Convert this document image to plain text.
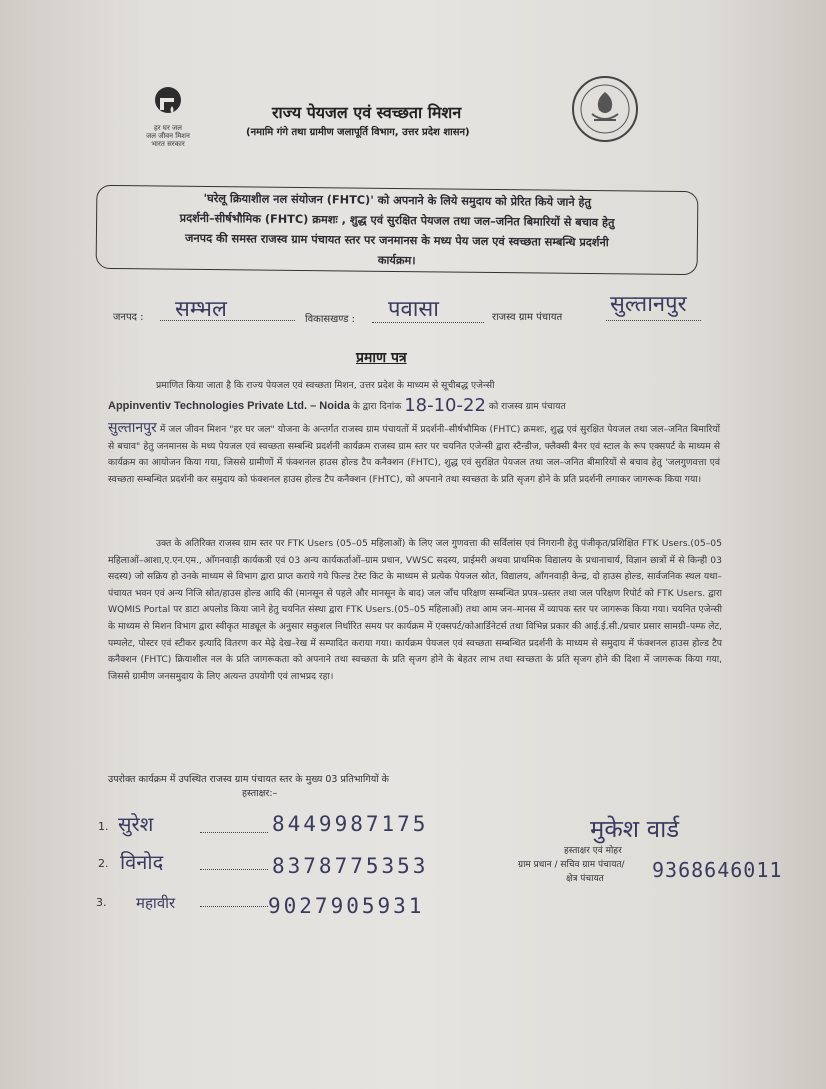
हर घर जल
जल जीवन मिशन
भारत सरकार
राज्य पेयजल एवं स्वच्छता मिशन
(नमामि गंगे तथा ग्रामीण जलापूर्ति विभाग, उत्तर प्रदेश शासन)

'घरेलू क्रियाशील नल संयोजन (FHTC)' को अपनाने के लिये समुदाय को प्रेरित किये जाने हेतु

प्रदर्शनी–सीर्षभौमिक (FHTC) क्रमशः , शुद्ध एवं सुरक्षित पेयजल तथा जल–जनित बिमारियों से बचाव हेतु

जनपद की समस्त राजस्व ग्राम पंचायत स्तर पर जनमानस के मध्य पेय जल एवं स्वच्छता सम्बन्धि प्रदर्शनी

कार्यक्रम।

जनपद : सम्भल	विकासखण्ड : पवासा	राजस्व ग्राम पंचायत
सुल्तानपुर
प्रमाण पत्र
प्रमाणित किया जाता है कि राज्य पेयजल एवं स्वच्छता मिशन, उत्तर प्रदेश के माध्यम से सूचीबद्ध एजेन्सी
Appinventiv Technologies Private Ltd. – Noida के द्वारा दिनांक 18-10-22 को राजस्व ग्राम पंचायत
सुल्तानपुर में जल जीवन मिशन "हर घर जल" योजना के अन्तर्गत राजस्व ग्राम पंचायतों में प्रदर्शनी–सीर्षभौमिक (FHTC) क्रमशः, शुद्ध एवं सुरक्षित पेयजल तथा जल–जनित बिमारियों से बचाव" हेतु जनमानस के मध्य पेयजल एवं स्वच्छता सम्बन्धि प्रदर्शनी कार्यक्रम राजस्व ग्राम स्तर पर चयनित एजेन्सी द्वारा स्टैन्डीज, फ्लैक्सी बैनर एवं स्टाल के रूप एक्सपर्ट के माध्यम से कार्यक्रम का आयोजन किया गया, जिससे ग्रामीणों में फंक्शनल हाउस होल्ड टैप कनैक्शन (FHTC), शुद्ध एवं सुरक्षित पेयजल तथा जल–जनित बीमारियों से बचाव हेतु 'जलगुणवत्ता एवं स्वच्छता सम्बन्धित प्रदर्शनी कर समुदाय को फंक्शनल हाउस होल्ड टैप कनैक्शन (FHTC), को अपनाने तथा स्वच्छता के प्रति सृजग होने के प्रति प्रदर्शनी लगाकर जागरूक किया गया।
उक्त के अतिरिक्त राजस्व ग्राम स्तर पर FTK Users (05–05 महिलाओं) के लिए जल गुणवत्ता की सर्विलांस एवं निगरानी हेतु पंजीकृत/प्रशिक्षित FTK Users.(05–05 महिलाओं–आशा,ए.एन.एम., आँगनवाड़ी कार्यकत्री एवं 03 अन्य कार्यकर्ताओं–ग्राम प्रधान, VWSC सदस्य, प्राईमरी अथवा प्राथमिक विद्यालय के प्रधानाचार्य, विज्ञान छात्रों में से किन्ही 03 सदस्य) जो सक्रिय हो उनके माध्यम से विभाग द्वारा प्राप्त कराये गये फिल्ड टेस्ट किट के माध्यम से प्रत्येक पेयजल स्रोत, विद्यालय, आँगनवाड़ी केन्द्र, दो हाउस होल्ड, सार्वजनिक स्थल यथा–पंचायत भवन एवं अन्य निजि स्रोत/हाउस होल्ड आदि की (मानसून से पहले और मानसून के बाद) जल जाँच परिक्षण सम्बन्धित प्रपत्र–प्रस्तर तथा जल परिक्षण रिपोर्ट को FTK Users. द्वारा WQMIS Portal पर डाटा अपलोड किया जाने हेतु चयनित संस्था द्वारा FTK Users.(05–05 महिलाओं) तथा आम जन–मानस में व्यापक स्तर पर जागरूक किया गया। चयनित एजेन्सी के माध्यम से मिशन विभाग द्वारा स्वीकृत माड्यूल के अनुसार सकुशल निर्धारित समय पर कार्यक्रम में एक्सपर्ट/कोआर्डिनेटर्स तथा विभिन्न प्रकार की आई.ई.सी./प्रचार प्रसार सामग्री–पम्फ लेट, पम्पलेट, पोस्टर एवं स्टीकर इत्यादि वितरण कर मेढ़े देख–रेख में सम्पादित कराया गया। कार्यक्रम पेयजल एवं स्वच्छता सम्बन्धित प्रदर्शनी के माध्यम से समुदाय में फंक्शनल हाउस होल्ड टैप कनैक्शन (FHTC) क्रियाशील नल के प्रति जागरूकता को अपनाने तथा स्वच्छता के प्रति सृजग होने के बेहतर लाभ तथा स्वच्छता के प्रति सृजग होने की दिशा में जागरूक किया गया, जिससे ग्रामीण जनसमुदाय के लिए अत्यन्त उपयोगी एवं लाभप्रद रहा।
उपरोक्त कार्यक्रम में उपस्थित राजस्व ग्राम पंचायत स्तर के मुख्य 03 प्रतिभागियों के
हस्ताक्षर:–
1. सुरेश	8449987175
2. विनोद	8378775353
3. महावीर	9027905931
मुकेश वार्ड
हस्ताक्षर एवं मोहर
ग्राम प्रधान / सचिव ग्राम पंचायत/
क्षेत्र पंचायत 9368646011
